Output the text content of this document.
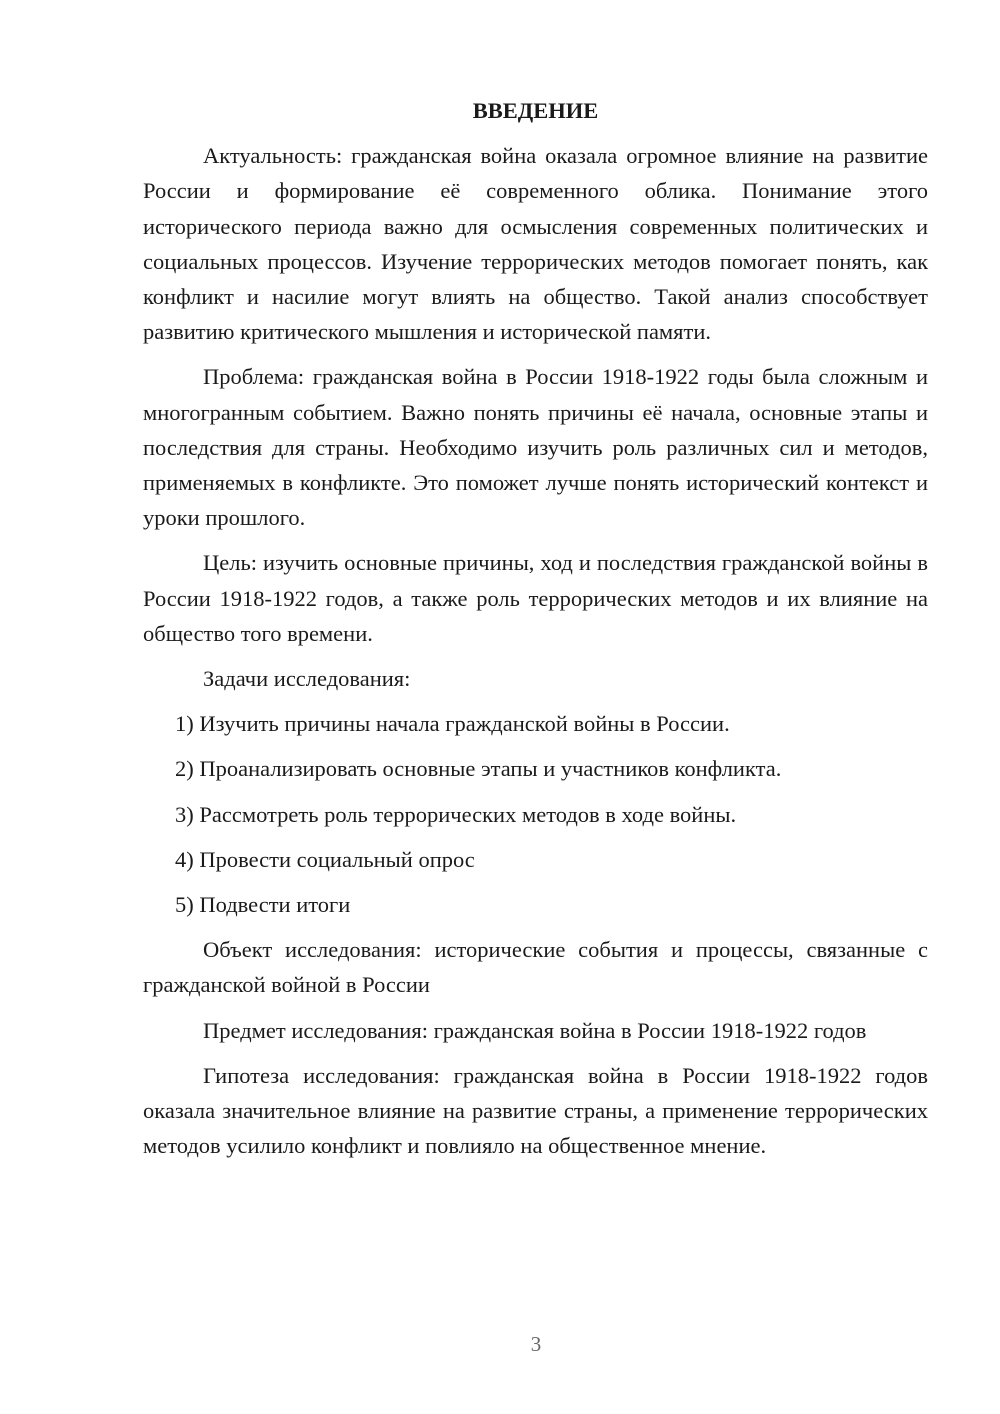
ВВЕДЕНИЕ

Актуальность: гражданская война оказала огромное влияние на развитие России и формирование её современного облика. Понимание этого исторического периода важно для осмысления современных политических и социальных процессов. Изучение террорических методов помогает понять, как конфликт и насилие могут влиять на общество. Такой анализ способствует развитию критического мышления и исторической памяти.

Проблема: гражданская война в России 1918-1922 годы была сложным и многогранным событием. Важно понять причины её начала, основные этапы и последствия для страны. Необходимо изучить роль различных сил и методов, применяемых в конфликте. Это поможет лучше понять исторический контекст и уроки прошлого.

Цель: изучить основные причины, ход и последствия гражданской войны в России 1918-1922 годов, а также роль террорических методов и их влияние на общество того времени.

Задачи исследования:

1) Изучить причины начала гражданской войны в России.
2) Проанализировать основные этапы и участников конфликта.
3) Рассмотреть роль террорических методов в ходе войны.
4) Провести социальный опрос
5) Подвести итоги

Объект исследования: исторические события и процессы, связанные с гражданской войной в России

Предмет исследования: гражданская война в России 1918-1922 годов

Гипотеза исследования: гражданская война в России 1918-1922 годов оказала значительное влияние на развитие страны, а применение террорических методов усилило конфликт и повлияло на общественное мнение.

3
